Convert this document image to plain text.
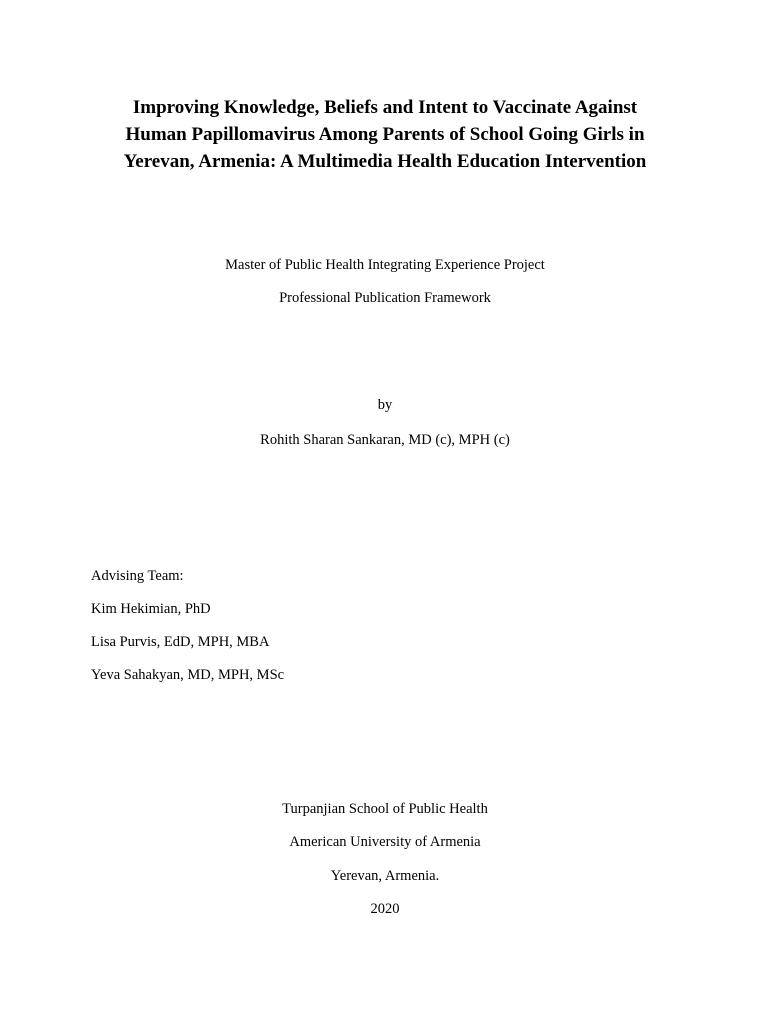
Improving Knowledge, Beliefs and Intent to Vaccinate Against
Human Papillomavirus Among Parents of School Going Girls in
Yerevan, Armenia: A Multimedia Health Education Intervention
Master of Public Health Integrating Experience Project
Professional Publication Framework
by
Rohith Sharan Sankaran, MD (c), MPH (c)
Advising Team:
Kim Hekimian, PhD
Lisa Purvis, EdD, MPH, MBA
Yeva Sahakyan, MD, MPH, MSc
Turpanjian School of Public Health
American University of Armenia
Yerevan, Armenia.
2020
